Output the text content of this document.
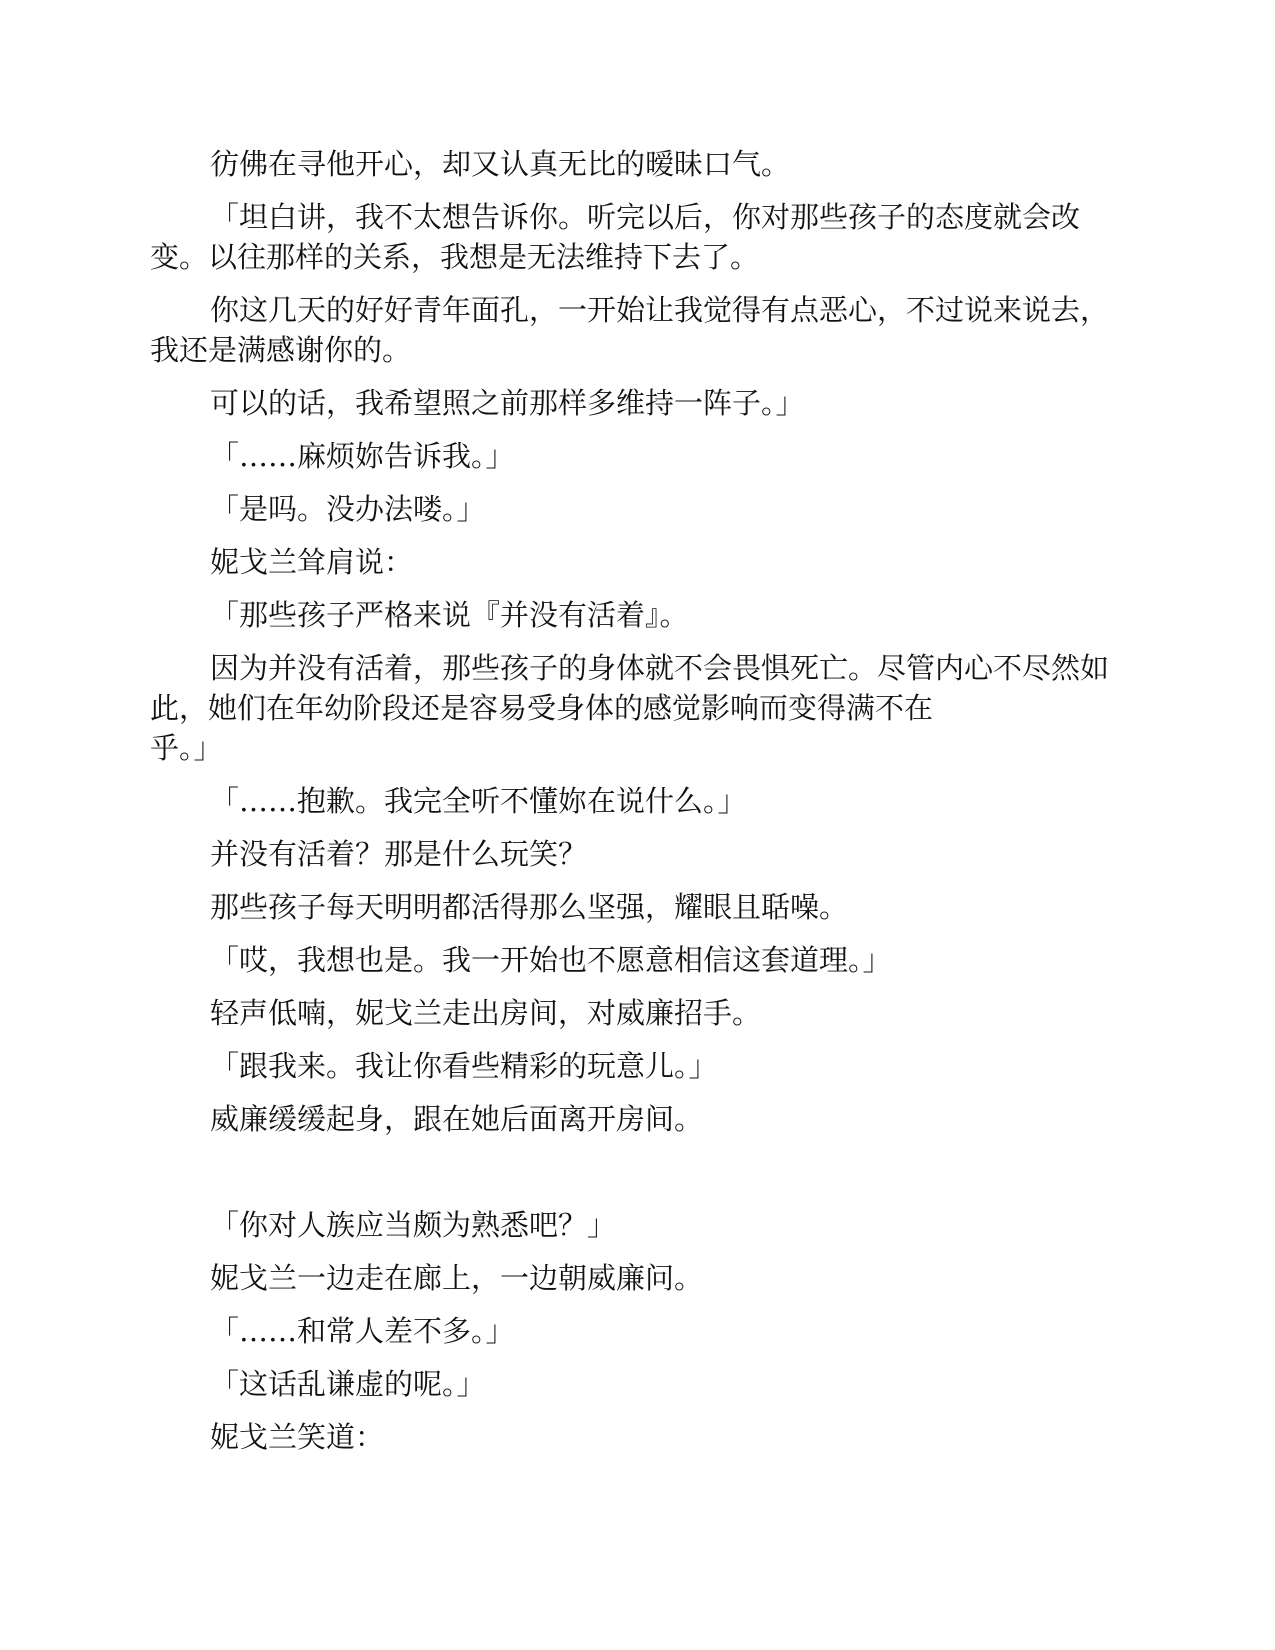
彷佛在寻他开心，却又认真无比的暧昧口气。

「坦白讲，我不太想告诉你。听完以后，你对那些孩子的态度就会改变。以往那样的关系，我想是无法维持下去了。

你这几天的好好青年面孔，一开始让我觉得有点恶心，不过说来说去，我还是满感谢你的。

可以的话，我希望照之前那样多维持一阵子。」

「……麻烦妳告诉我。」

「是吗。没办法喽。」

妮戈兰耸肩说：

「那些孩子严格来说『并没有活着』。

因为并没有活着，那些孩子的身体就不会畏惧死亡。尽管内心不尽然如此，她们在年幼阶段还是容易受身体的感觉影响而变得满不在
乎。」

「……抱歉。我完全听不懂妳在说什么。」

并没有活着？那是什么玩笑？

那些孩子每天明明都活得那么坚强，耀眼且聒噪。

「哎，我想也是。我一开始也不愿意相信这套道理。」

轻声低喃，妮戈兰走出房间，对威廉招手。

「跟我来。我让你看些精彩的玩意儿。」

威廉缓缓起身，跟在她后面离开房间。

「你对人族应当颇为熟悉吧？」

妮戈兰一边走在廊上，一边朝威廉问。

「……和常人差不多。」

「这话乱谦虚的呢。」

妮戈兰笑道：
